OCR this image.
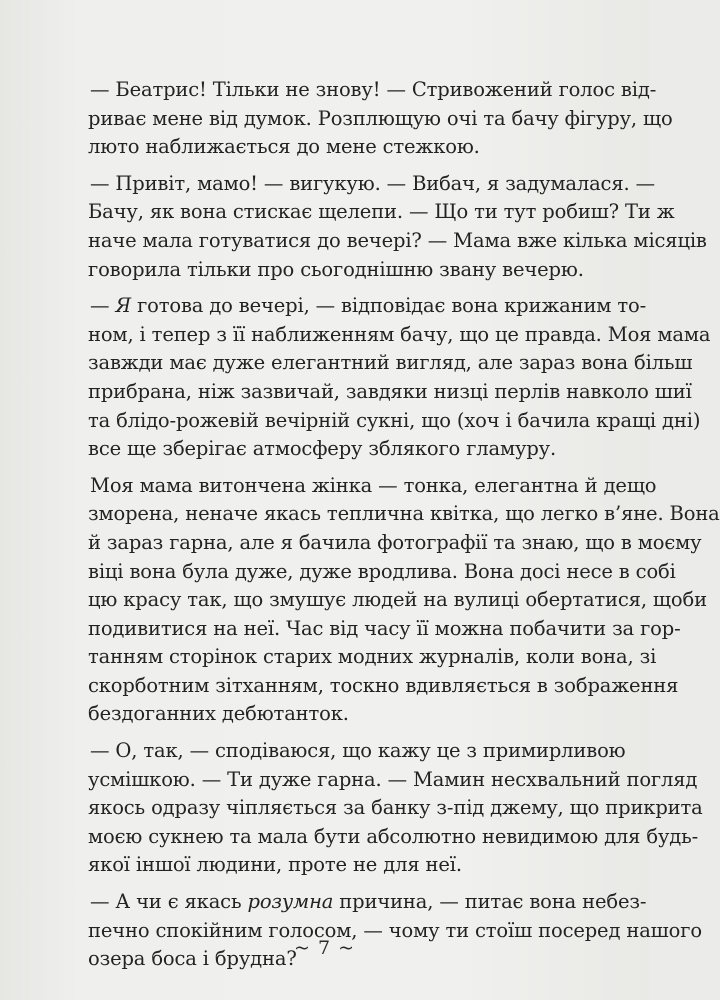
— Беатрис! Тільки не знову! — Стривожений голос від-
риває мене від думок. Розплющую очі та бачу фігуру, що
люто наближається до мене стежкою.
— Привіт, мамо! — вигукую. — Вибач, я задумалася. —
Бачу, як вона стискає щелепи. — Що ти тут робиш? Ти ж
наче мала готуватися до вечері? — Мама вже кілька місяців
говорила тільки про сьогоднішню звану вечерю.
— Я готова до вечері, — відповідає вона крижаним то-
ном, і тепер з її наближенням бачу, що це правда. Моя мама
завжди має дуже елегантний вигляд, але зараз вона більш
прибрана, ніж зазвичай, завдяки низці перлів навколо шиї
та блідо-рожевій вечірній сукні, що (хоч і бачила кращі дні)
все ще зберігає атмосферу зблякого гламуру.
Моя мама витончена жінка — тонка, елегантна й дещо
зморена, неначе якась теплична квітка, що легко в’яне. Вона
й зараз гарна, але я бачила фотографії та знаю, що в моєму
віці вона була дуже, дуже вродлива. Вона досі несе в собі
цю красу так, що змушує людей на вулиці обертатися, щоби
подивитися на неї. Час від часу її можна побачити за гор-
танням сторінок старих модних журналів, коли вона, зі
скорботним зітханням, тоскно вдивляється в зображення
бездоганних дебютанток.
— О, так, — сподіваюся, що кажу це з примирливою
усмішкою. — Ти дуже гарна. — Мамин несхвальний погляд
якось одразу чіпляється за банку з-під джему, що прикрита
моєю сукнею та мала бути абсолютно невидимою для будь-
якої іншої людини, проте не для неї.
— А чи є якась розумна причина, — питає вона небез-
печно спокійним голосом, — чому ти стоїш посеред нашого
озера боса і брудна?
~ 7 ~
